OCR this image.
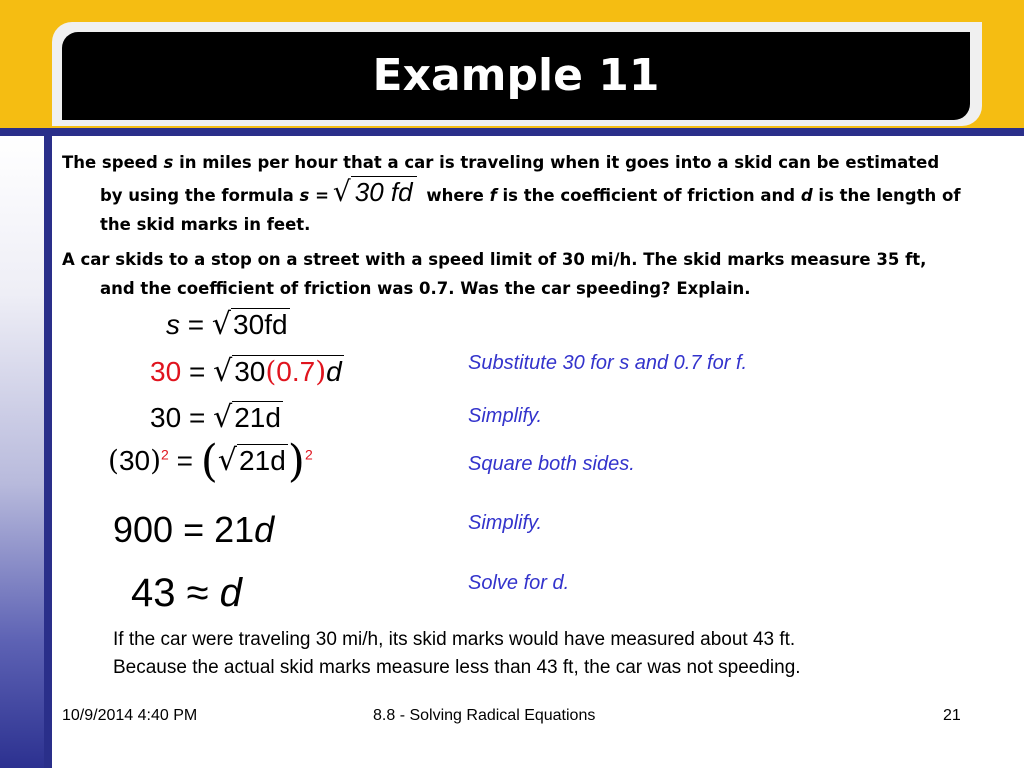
Example 11
The speed s in miles per hour that a car is traveling when it goes into a skid can be estimated
by using the formula s = √ 30 fd where f is the coefficient of friction and d is the length of
the skid marks in feet.
A car skids to a stop on a street with a speed limit of 30 mi/h. The skid marks measure 35 ft,
and the coefficient of friction was 0.7. Was the car speeding? Explain.
s = √30fd
30 = √30(0.7)d
30 = √21d
$(30)^2 = (√21d)^2$
900 = 21d
43 ≈ d
Substitute 30 for s and 0.7 for f.
Simplify.
Square both sides.
Simplify.
Solve for d.
If the car were traveling 30 mi/h, its skid marks would have measured about 43 ft.
Because the actual skid marks measure less than 43 ft, the car was not speeding.
10/9/2014 4:40 PM	8.8 - Solving Radical Equations	21
